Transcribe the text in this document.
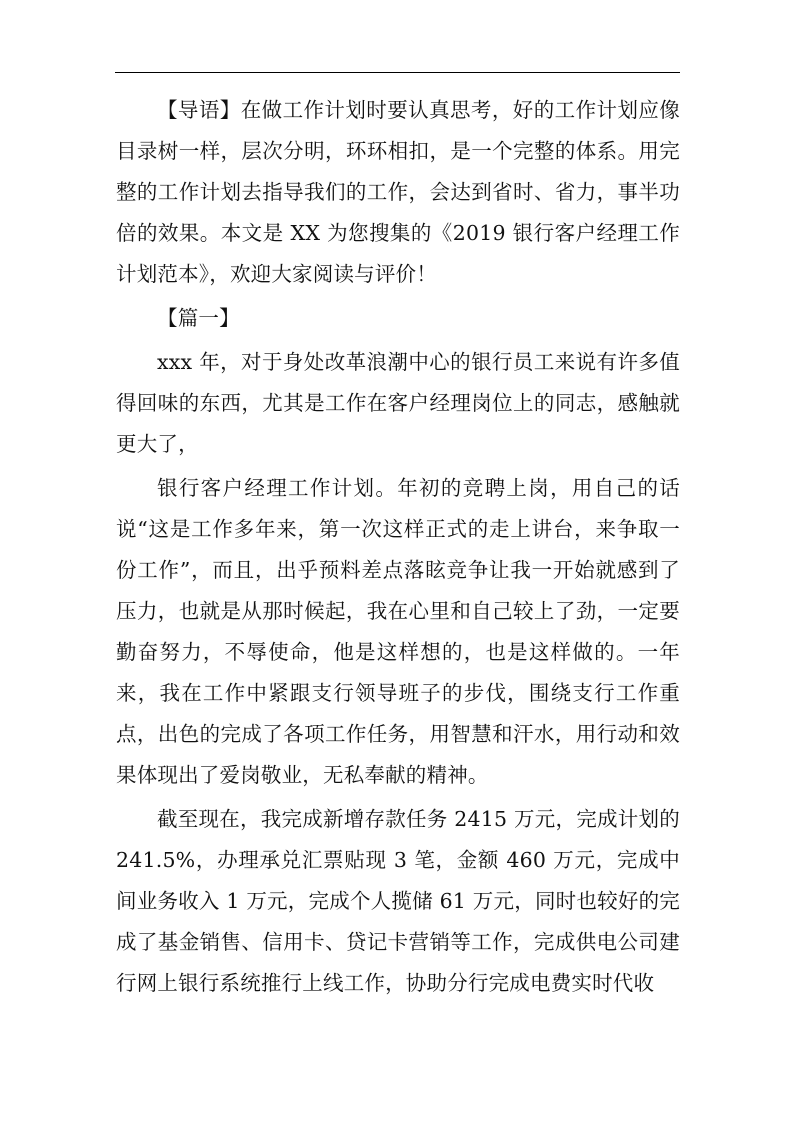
【导语】在做工作计划时要认真思考，好的工作计划应像目录树一样，层次分明，环环相扣，是一个完整的体系。用完整的工作计划去指导我们的工作，会达到省时、省力，事半功倍的效果。本文是 XX 为您搜集的《2019 银行客户经理工作计划范本》，欢迎大家阅读与评价！

【篇一】

xxx 年，对于身处改革浪潮中心的银行员工来说有许多值得回味的东西，尤其是工作在客户经理岗位上的同志，感触就更大了，

银行客户经理工作计划。年初的竞聘上岗，用自己的话说“这是工作多年来，第一次这样正式的走上讲台，来争取一份工作”，而且，出乎预料差点落眩竞争让我一开始就感到了压力，也就是从那时候起，我在心里和自己较上了劲，一定要勤奋努力，不辱使命，他是这样想的，也是这样做的。一年来，我在工作中紧跟支行领导班子的步伐，围绕支行工作重点，出色的完成了各项工作任务，用智慧和汗水，用行动和效果体现出了爱岗敬业，无私奉献的精神。

截至现在，我完成新增存款任务 2415 万元，完成计划的241.5%，办理承兑汇票贴现 3 笔，金额 460 万元，完成中间业务收入 1 万元，完成个人揽储 61 万元，同时也较好的完成了基金销售、信用卡、贷记卡营销等工作，完成供电公司建行网上银行系统推行上线工作，协助分行完成电费实时代收
